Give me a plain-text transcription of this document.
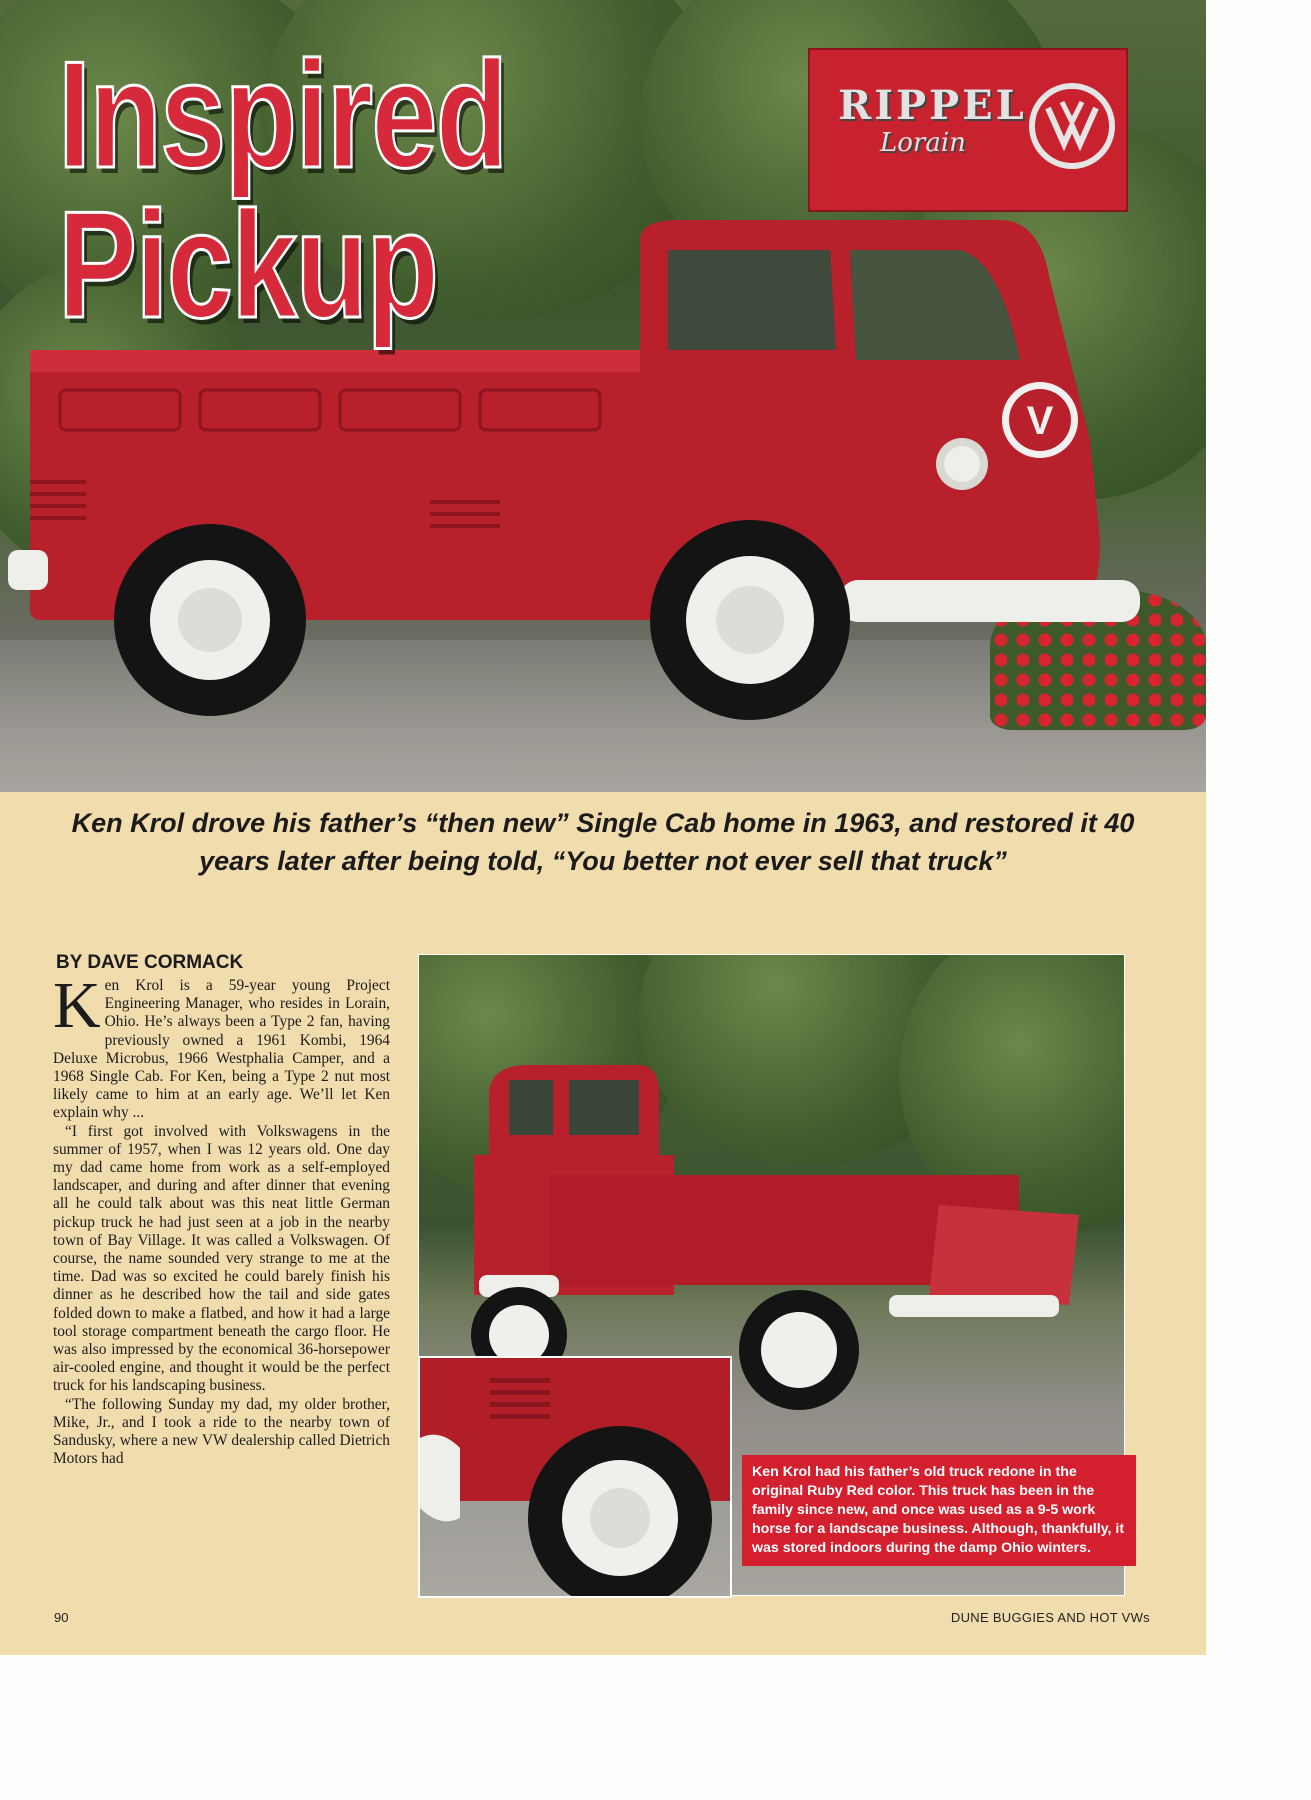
V
Inspired
Pickup
RIPPEL
Lorain

Ken Krol drove his father’s “then new” Single Cab home in 1963, and restored it 40 years later after being told, “You better not ever sell that truck”

BY DAVE CORMACK

Ken Krol is a 59-year young Project Engineering Manager, who resides in Lorain, Ohio. He’s always been a Type 2 fan, having previously owned a 1961 Kombi, 1964 Deluxe Microbus, 1966 Westphalia Camper, and a 1968 Single Cab. For Ken, being a Type 2 nut most likely came to him at an early age. We’ll let Ken explain why ...

“I first got involved with Volkswagens in the summer of 1957, when I was 12 years old. One day my dad came home from work as a self-employed landscaper, and during and after dinner that evening all he could talk about was this neat little German pickup truck he had just seen at a job in the nearby town of Bay Village. It was called a Volkswagen. Of course, the name sounded very strange to me at the time. Dad was so excited he could barely finish his dinner as he described how the tail and side gates folded down to make a flatbed, and how it had a large tool storage compartment beneath the cargo floor. He was also impressed by the economical 36-horsepower air-cooled engine, and thought it would be the perfect truck for his landscaping business.

“The following Sunday my dad, my older brother, Mike, Jr., and I took a ride to the nearby town of Sandusky, where a new VW dealership called Dietrich Motors had

Ken Krol had his father’s old truck redone in the original Ruby Red color. This truck has been in the family since new, and once was used as a 9-5 work horse for a landscape business. Although, thankfully, it was stored indoors during the damp Ohio winters.

90	DUNE BUGGIES AND HOT VWs
